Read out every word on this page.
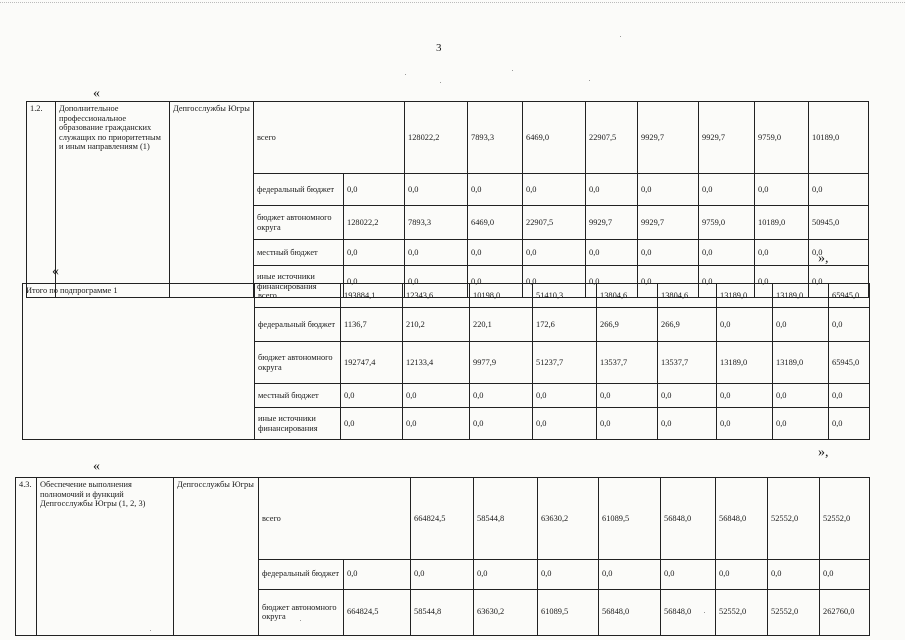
3
«
1.2.	Дополнительное профессиональное образование гражданских служащих по приоритетным и иным направлениям (1)	Депгосслужбы Югры	всего		128022,2	7893,3	6469,0	22907,5	9929,7	9929,7	9759,0	10189,0	
			федеральный бюджет	0,0	0,0	0,0	0,0	0,0	0,0	0,0	0,0	0,0	
			бюджет автономного округа	128022,2	7893,3	6469,0	22907,5	9929,7	9929,7	9759,0	10189,0	50945,0	
			местный бюджет	0,0	0,0	0,0	0,0	0,0	0,0	0,0	0,0	0,0	
			иные источники финансирования	0,0	0,0	0,0	0,0	0,0	0,0	0,0	0,0	0,0	
»,
«
Итого по подпрограмме 1	всего	193884,1	12343,6	10198,0	51410,3	13804,6	13804,6	13189,0	13189,0	65945,0
	федеральный бюджет	1136,7	210,2	220,1	172,6	266,9	266,9	0,0	0,0	0,0
	бюджет автономного округа	192747,4	12133,4	9977,9	51237,7	13537,7	13537,7	13189,0	13189,0	65945,0
	местный бюджет	0,0	0,0	0,0	0,0	0,0	0,0	0,0	0,0	0,0
	иные источники финансирования	0,0	0,0	0,0	0,0	0,0	0,0	0,0	0,0	0,0
»,
«
4.3.	Обеспечение выполнения полномочий и функций Депгосслужбы Югры (1, 2, 3)	Депгосслужбы Югры	всего		664824,5	58544,8	63630,2	61089,5	56848,0	56848,0	52552,0	52552,0	
			федеральный бюджет	0,0	0,0	0,0	0,0	0,0	0,0	0,0	0,0	0,0	
			бюджет автономного округа	664824,5	58544,8	63630,2	61089,5	56848,0	56848,0	52552,0	52552,0	262760,0	
